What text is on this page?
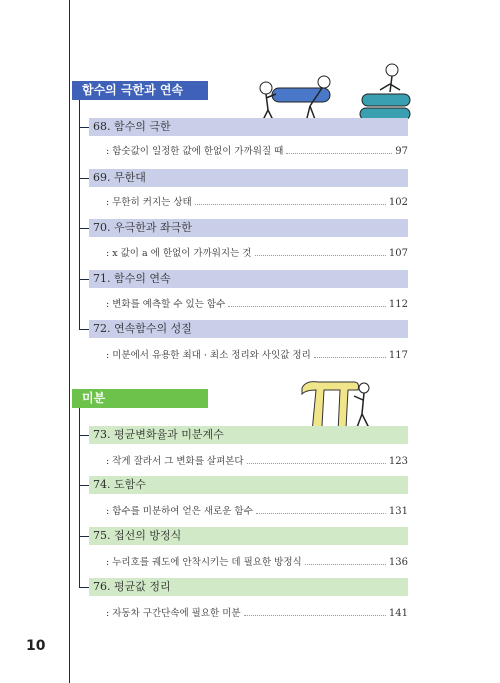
함수의 극한과 연속
68. 함수의 극한
: 함숫값이 일정한 값에 한없이 가까워질 때	97
69. 무한대
: 무한히 커지는 상태	102
70. 우극한과 좌극한
: x 값이 a 에 한없이 가까워지는 것	107
71. 함수의 연속
: 변화를 예측할 수 있는 함수	112
72. 연속함수의 성질
: 미분에서 유용한 최대 · 최소 정리와 사잇값 정리	117
미분
73. 평균변화율과 미분계수
: 작게 잘라서 그 변화를 살펴본다	123
74. 도함수
: 함수를 미분하여 얻은 새로운 함수	131
75. 접선의 방정식
: 누리호를 궤도에 안착시키는 데 필요한 방정식	136
76. 평균값 정리
: 자동차 구간단속에 필요한 미분	141
10
